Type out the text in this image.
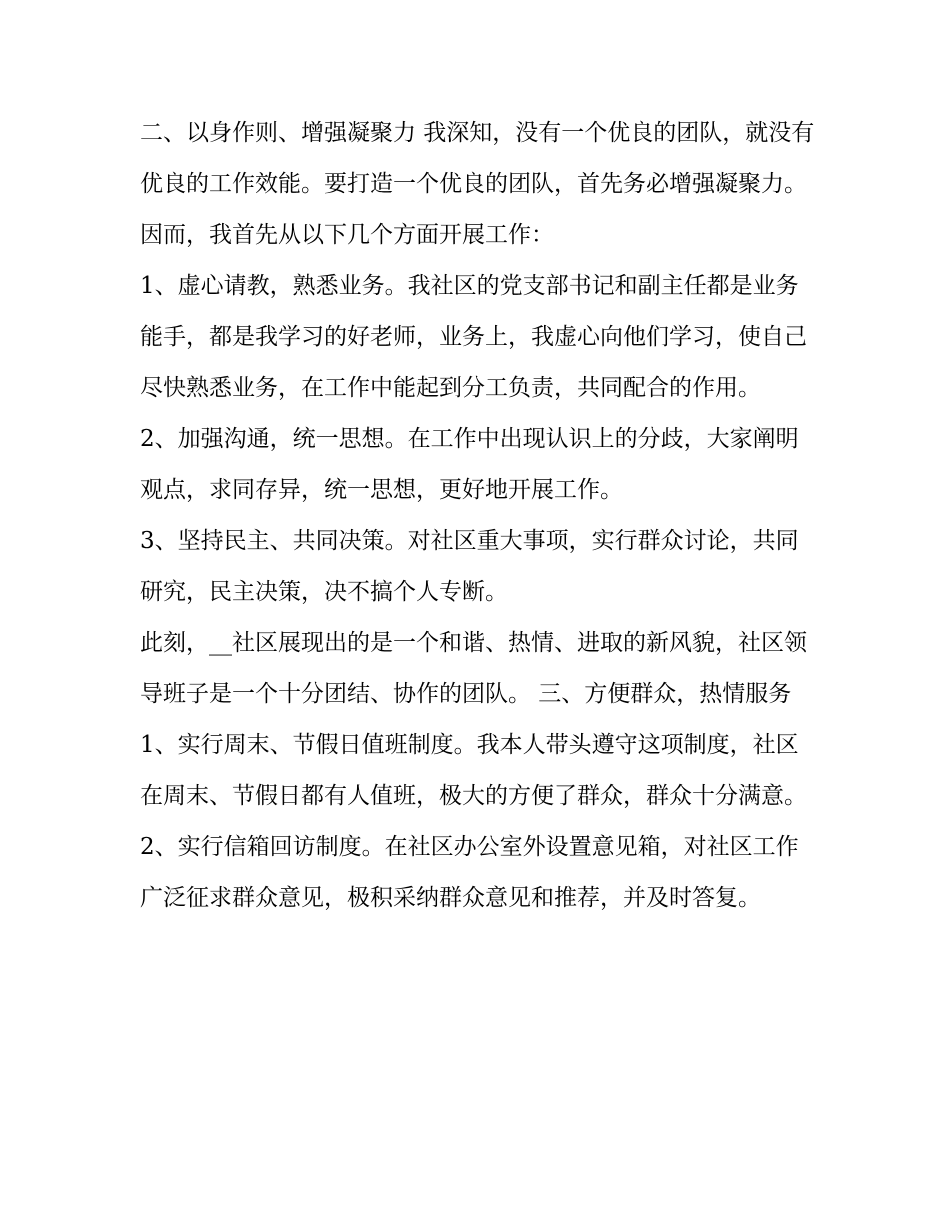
二、以身作则、增强凝聚力 我深知，没有一个优良的团队，就没有优良的工作效能。要打造一个优良的团队，首先务必增强凝聚力。因而，我首先从以下几个方面开展工作：

1、虚心请教，熟悉业务。我社区的党支部书记和副主任都是业务能手，都是我学习的好老师，业务上，我虚心向他们学习，使自己尽快熟悉业务，在工作中能起到分工负责，共同配合的作用。

2、加强沟通，统一思想。在工作中出现认识上的分歧，大家阐明观点，求同存异，统一思想，更好地开展工作。

3、坚持民主、共同决策。对社区重大事项，实行群众讨论，共同研究，民主决策，决不搞个人专断。

此刻，__社区展现出的是一个和谐、热情、进取的新风貌，社区领导班子是一个十分团结、协作的团队。 三、方便群众，热情服务

1、实行周末、节假日值班制度。我本人带头遵守这项制度，社区在周末、节假日都有人值班，极大的方便了群众，群众十分满意。

2、实行信箱回访制度。在社区办公室外设置意见箱，对社区工作广泛征求群众意见，极积采纳群众意见和推荐，并及时答复。
